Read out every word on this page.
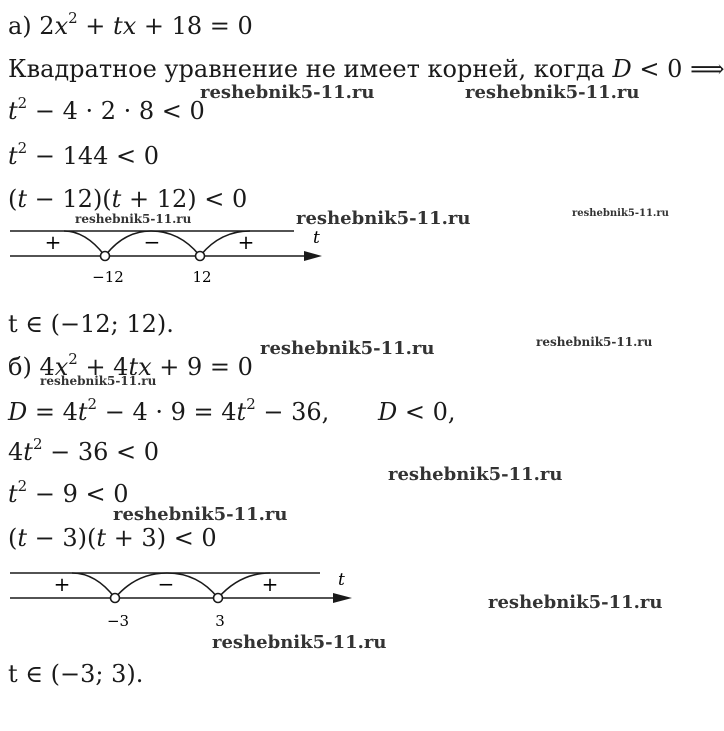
а) $2x^2$ + tx + 18 = 0
Квадратное уравнение не имеет корней, когда D < 0 ⟹
$t^2 - 4 \cdot 2 \cdot 8 < 0$
$t^2 - 144 < 0$
(t − 12)(t + 12) < 0
+	−	+	t
−12	12
t ∈ (−12; 12).
б) $4x^2 + 4tx + 9 = 0$
$D = 4t^2 - 4 \cdot 9 = 4t^2 - 36$, D < 0,
$4t^2 - 36 < 0$
$t^2 - 9 < 0$
(t − 3)(t + 3) < 0
+	−	+	t
−3	3
t ∈ (−3; 3).
reshebnik5-11.ru	reshebnik5-11.ru
reshebnik5-11.ru	reshebnik5-11.ru	reshebnik5-11.ru
reshebnik5-11.ru	reshebnik5-11.ru
reshebnik5-11.ru
reshebnik5-11.ru
reshebnik5-11.ru
reshebnik5-11.ru
reshebnik5-11.ru
